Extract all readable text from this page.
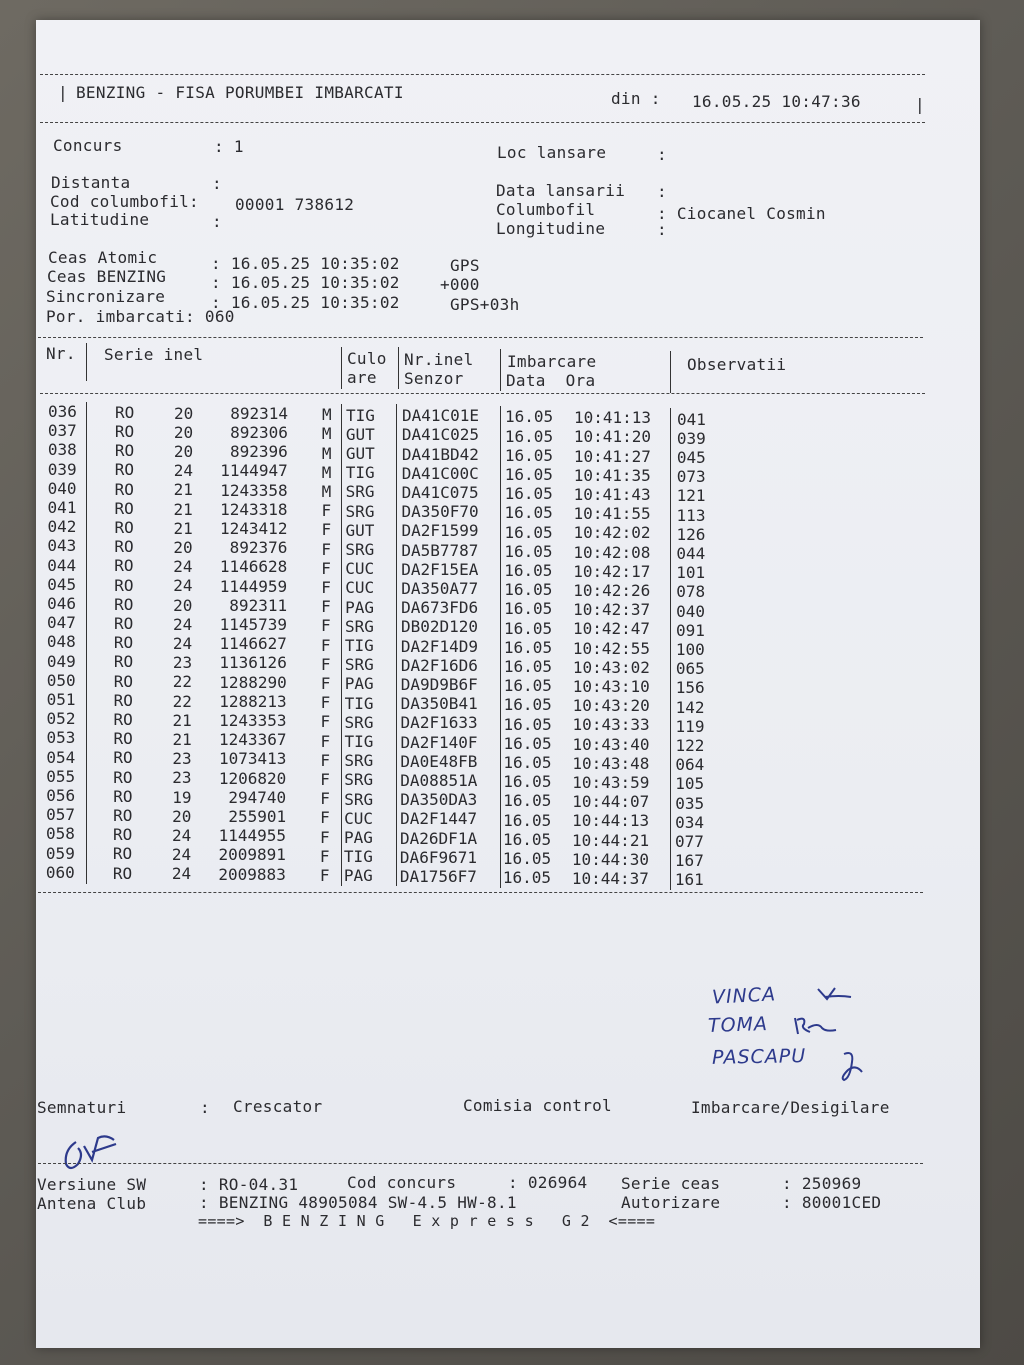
| BENZING - FISA PORUMBEI IMBARCATI	din : 16.05.25 10:47:36	|
Concurs	: 1	Loc lansare	:
Distanta	:	Data lansarii :
Cod columbofil: 00001 738612	Columbofil	: Ciocanel Cosmin
Latitudine	:	Longitudine	:
Ceas Atomic	: 16.05.25 10:35:02	GPS
Ceas BENZING	: 16.05.25 10:35:02	+000
Sincronizare	: 16.05.25 10:35:02	GPS+03h
Por. imbarcati: 060
Nr. Serie inel	Culo
are
Nr.inel
Senzor
Imbarcare
Data  Ora
Observatii
036 RO 20	892314 M TIG DA41C01E 16.05 10:41:13 041
037 RO 20	892306 M GUT DA41C025 16.05 10:41:20 039
038 RO 20	892396 M GUT DA41BD42 16.05 10:41:27 045
039 RO 24	1144947 M TIG DA41C00C 16.05 10:41:35 073
040 RO 21	1243358 M SRG DA41C075 16.05 10:41:43 121
041 RO 21	1243318 F SRG DA350F70 16.05 10:41:55 113
042 RO 21	1243412 F GUT DA2F1599 16.05 10:42:02 126
043 RO 20	892376 F SRG DA5B7787 16.05 10:42:08 044
044 RO 24	1146628 F CUC DA2F15EA 16.05 10:42:17 101
045 RO 24	1144959 F CUC DA350A77 16.05 10:42:26 078
046 RO 20	892311 F PAG DA673FD6 16.05 10:42:37 040
047 RO 24	1145739 F SRG DB02D120 16.05 10:42:47 091
048 RO 24	1146627 F TIG DA2F14D9 16.05 10:42:55 100
049 RO 23	1136126 F SRG DA2F16D6 16.05 10:43:02 065
050 RO 22	1288290 F PAG DA9D9B6F 16.05 10:43:10 156
051 RO 22	1288213 F TIG DA350B41 16.05 10:43:20 142
052 RO 21	1243353 F SRG DA2F1633 16.05 10:43:33 119
053 RO 21	1243367 F TIG DA2F140F 16.05 10:43:40 122
054 RO 23	1073413 F SRG DA0E48FB 16.05 10:43:48 064
055 RO 23	1206820 F SRG DA08851A 16.05 10:43:59 105
056 RO 19	294740 F SRG DA350DA3 16.05 10:44:07 035
057 RO 20	255901 F CUC DA2F1447 16.05 10:44:13 034
058 RO 24	1144955 F PAG DA26DF1A 16.05 10:44:21 077
059 RO 24	2009891 F TIG DA6F9671 16.05 10:44:30 167
060 RO 24	2009883 F PAG DA1756F7 16.05 10:44:37 161
VINCA
TOMA
PASCAPU
Semnaturi	: Crescator	Comisia control	Imbarcare/Desigilare
Versiune SW	: RO-04.31	Cod concurs	: 026964 Serie ceas	: 250969
Antena Club	: BENZING 48905084 SW-4.5 HW-8.1	Autorizare	: 80001CED
====>  B E N Z I N G   E x p r e s s   G 2  <====
